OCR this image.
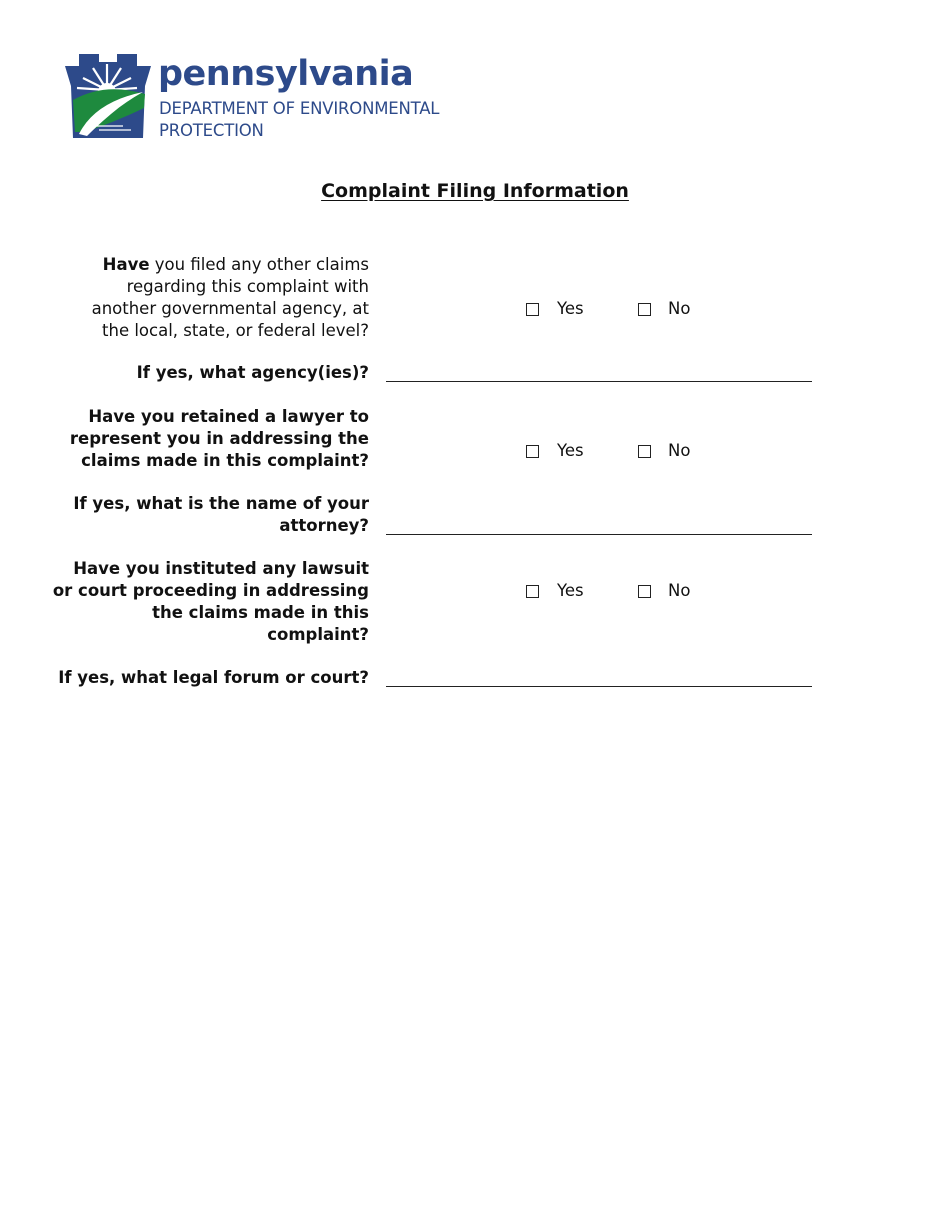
pennsylvania
DEPARTMENT OF ENVIRONMENTAL
PROTECTION
Complaint Filing Information
Have you filed any other claims
regarding this complaint with
another governmental agency, at
the local, state, or federal level?
Yes	No
If yes, what agency(ies)?
Have you retained a lawyer to
represent you in addressing the
claims made in this complaint?
Yes	No
If yes, what is the name of your
attorney?
Have you instituted any lawsuit
or court proceeding in addressing
the claims made in this
complaint?
Yes	No
If yes, what legal forum or court?
